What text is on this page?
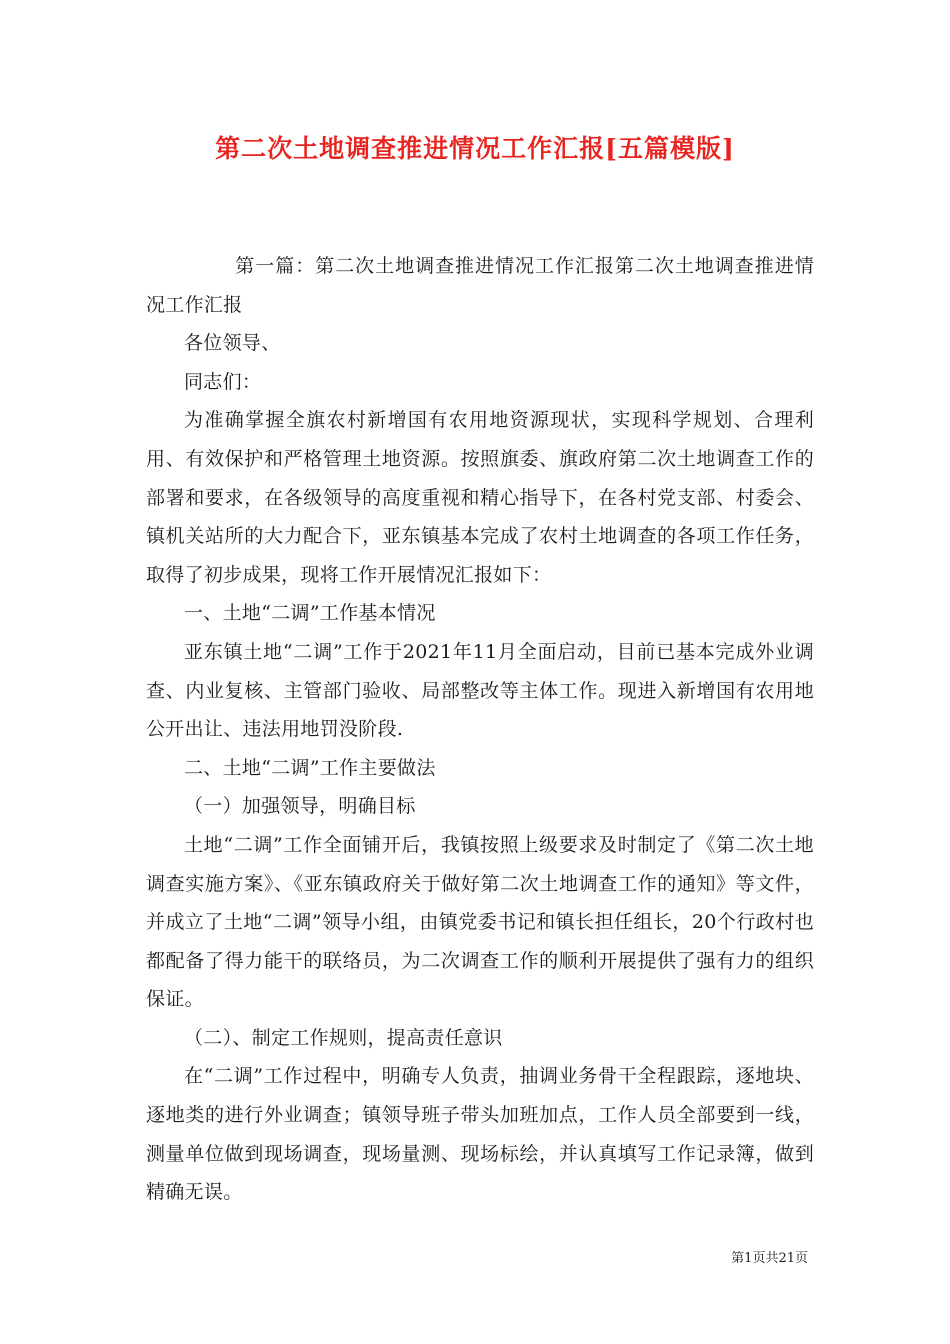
第二次土地调查推进情况工作汇报[五篇模版]

第一篇：第二次土地调查推进情况工作汇报第二次土地调查推进情况工作汇报

各位领导、

同志们：

为准确掌握全旗农村新增国有农用地资源现状，实现科学规划、合理利用、有效保护和严格管理土地资源。按照旗委、旗政府第二次土地调查工作的部署和要求，在各级领导的高度重视和精心指导下，在各村党支部、村委会、镇机关站所的大力配合下，亚东镇基本完成了农村土地调查的各项工作任务，取得了初步成果，现将工作开展情况汇报如下：

一、土地“二调”工作基本情况

亚东镇土地“二调”工作于2021年11月全面启动，目前已基本完成外业调查、内业复核、主管部门验收、局部整改等主体工作。现进入新增国有农用地公开出让、违法用地罚没阶段.

二、土地“二调”工作主要做法

（一）加强领导，明确目标

土地“二调”工作全面铺开后，我镇按照上级要求及时制定了《第二次土地调查实施方案》、《亚东镇政府关于做好第二次土地调查工作的通知》等文件，并成立了土地“二调”领导小组，由镇党委书记和镇长担任组长，20个行政村也都配备了得力能干的联络员，为二次调查工作的顺利开展提供了强有力的组织保证。

（二）、制定工作规则，提高责任意识

在“二调”工作过程中，明确专人负责，抽调业务骨干全程跟踪，逐地块、逐地类的进行外业调查；镇领导班子带头加班加点，工作人员全部要到一线，测量单位做到现场调查，现场量测、现场标绘，并认真填写工作记录簿，做到精确无误。

第1页共21页
